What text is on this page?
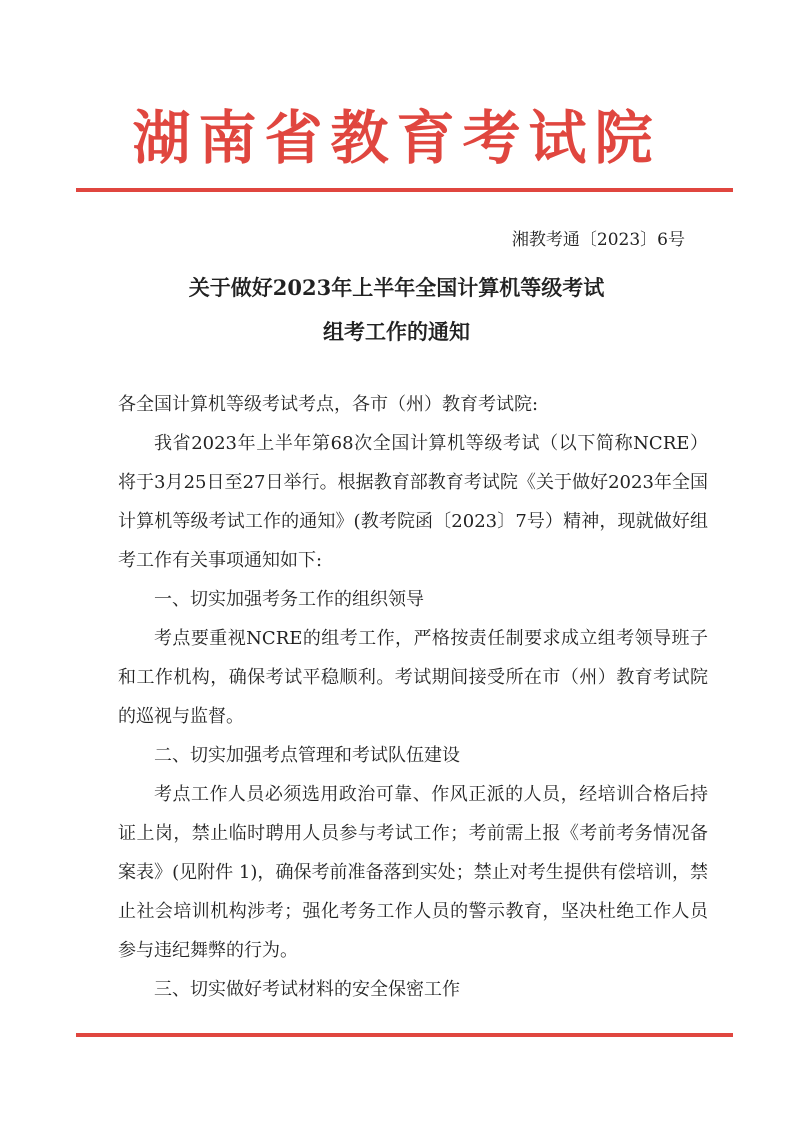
湖南省教育考试院
湘教考通〔2023〕6号
关于做好2023年上半年全国计算机等级考试
组考工作的通知

各全国计算机等级考试考点，各市（州）教育考试院:

我省2023年上半年第68次全国计算机等级考试（以下简称NCRE）将于3月25日至27日举行。根据教育部教育考试院《关于做好2023年全国计算机等级考试工作的通知》(教考院函〔2023〕7号）精神，现就做好组考工作有关事项通知如下:

一、切实加强考务工作的组织领导

考点要重视NCRE的组考工作，严格按责任制要求成立组考领导班子和工作机构，确保考试平稳顺利。考试期间接受所在市（州）教育考试院的巡视与监督。

二、切实加强考点管理和考试队伍建设

考点工作人员必须选用政治可靠、作风正派的人员，经培训合格后持证上岗，禁止临时聘用人员参与考试工作；考前需上报《考前考务情况备案表》(见附件 1)，确保考前准备落到实处；禁止对考生提供有偿培训，禁止社会培训机构涉考；强化考务工作人员的警示教育，坚决杜绝工作人员参与违纪舞弊的行为。

三、切实做好考试材料的安全保密工作
